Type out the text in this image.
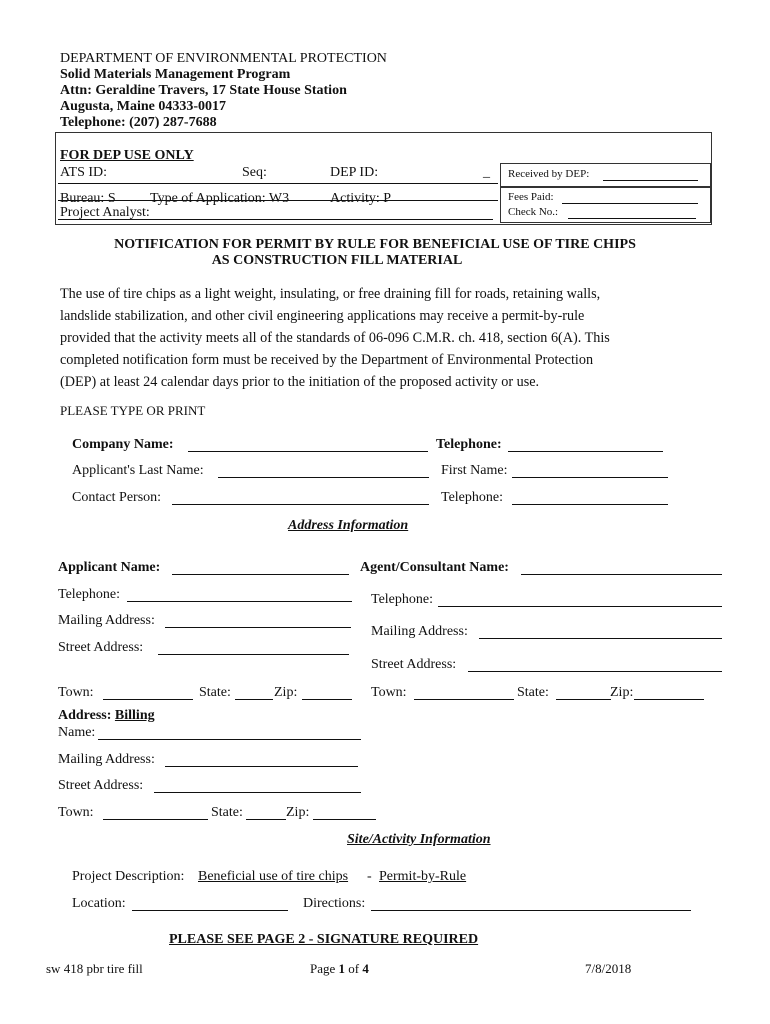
DEPARTMENT OF ENVIRONMENTAL PROTECTION
Solid Materials Management Program
Attn: Geraldine Travers, 17 State House Station
Augusta, Maine 04333-0017
Telephone: (207) 287-7688
FOR DEP USE ONLY
ATS ID:	Seq:	DEP ID:	_ Received by DEP:
Bureau: S Type of Application: W3	Activity: P
Project Analyst:
Fees Paid:
Check No.:
NOTIFICATION FOR PERMIT BY RULE FOR BENEFICIAL USE OF TIRE CHIPS
AS CONSTRUCTION FILL MATERIAL
The use of tire chips as a light weight, insulating, or free draining fill for roads, retaining walls,
landslide stabilization, and other civil engineering applications may receive a permit-by-rule
provided that the activity meets all of the standards of 06-096 C.M.R. ch. 418, section 6(A). This
completed notification form must be received by the Department of Environmental Protection
(DEP) at least 24 calendar days prior to the initiation of the proposed activity or use.
PLEASE TYPE OR PRINT
Company Name:	Telephone:
Applicant's Last Name:	First Name:
Contact Person:	Telephone:
Address Information
Applicant Name:
Telephone:
Mailing Address:
Street Address:
Town:	State:	Zip:
Agent/Consultant Name:
Telephone:
Mailing Address:
Street Address:
Town:	State:	Zip:
Address: Billing
Name:
Mailing Address:
Street Address:
Town:	State:	Zip:
Site/Activity Information
Project Description: Beneficial use of tire chips - Permit-by-Rule
Location:	Directions:
PLEASE SEE PAGE 2 - SIGNATURE REQUIRED
sw 418 pbr tire fill	Page 1 of 4	7/8/2018
